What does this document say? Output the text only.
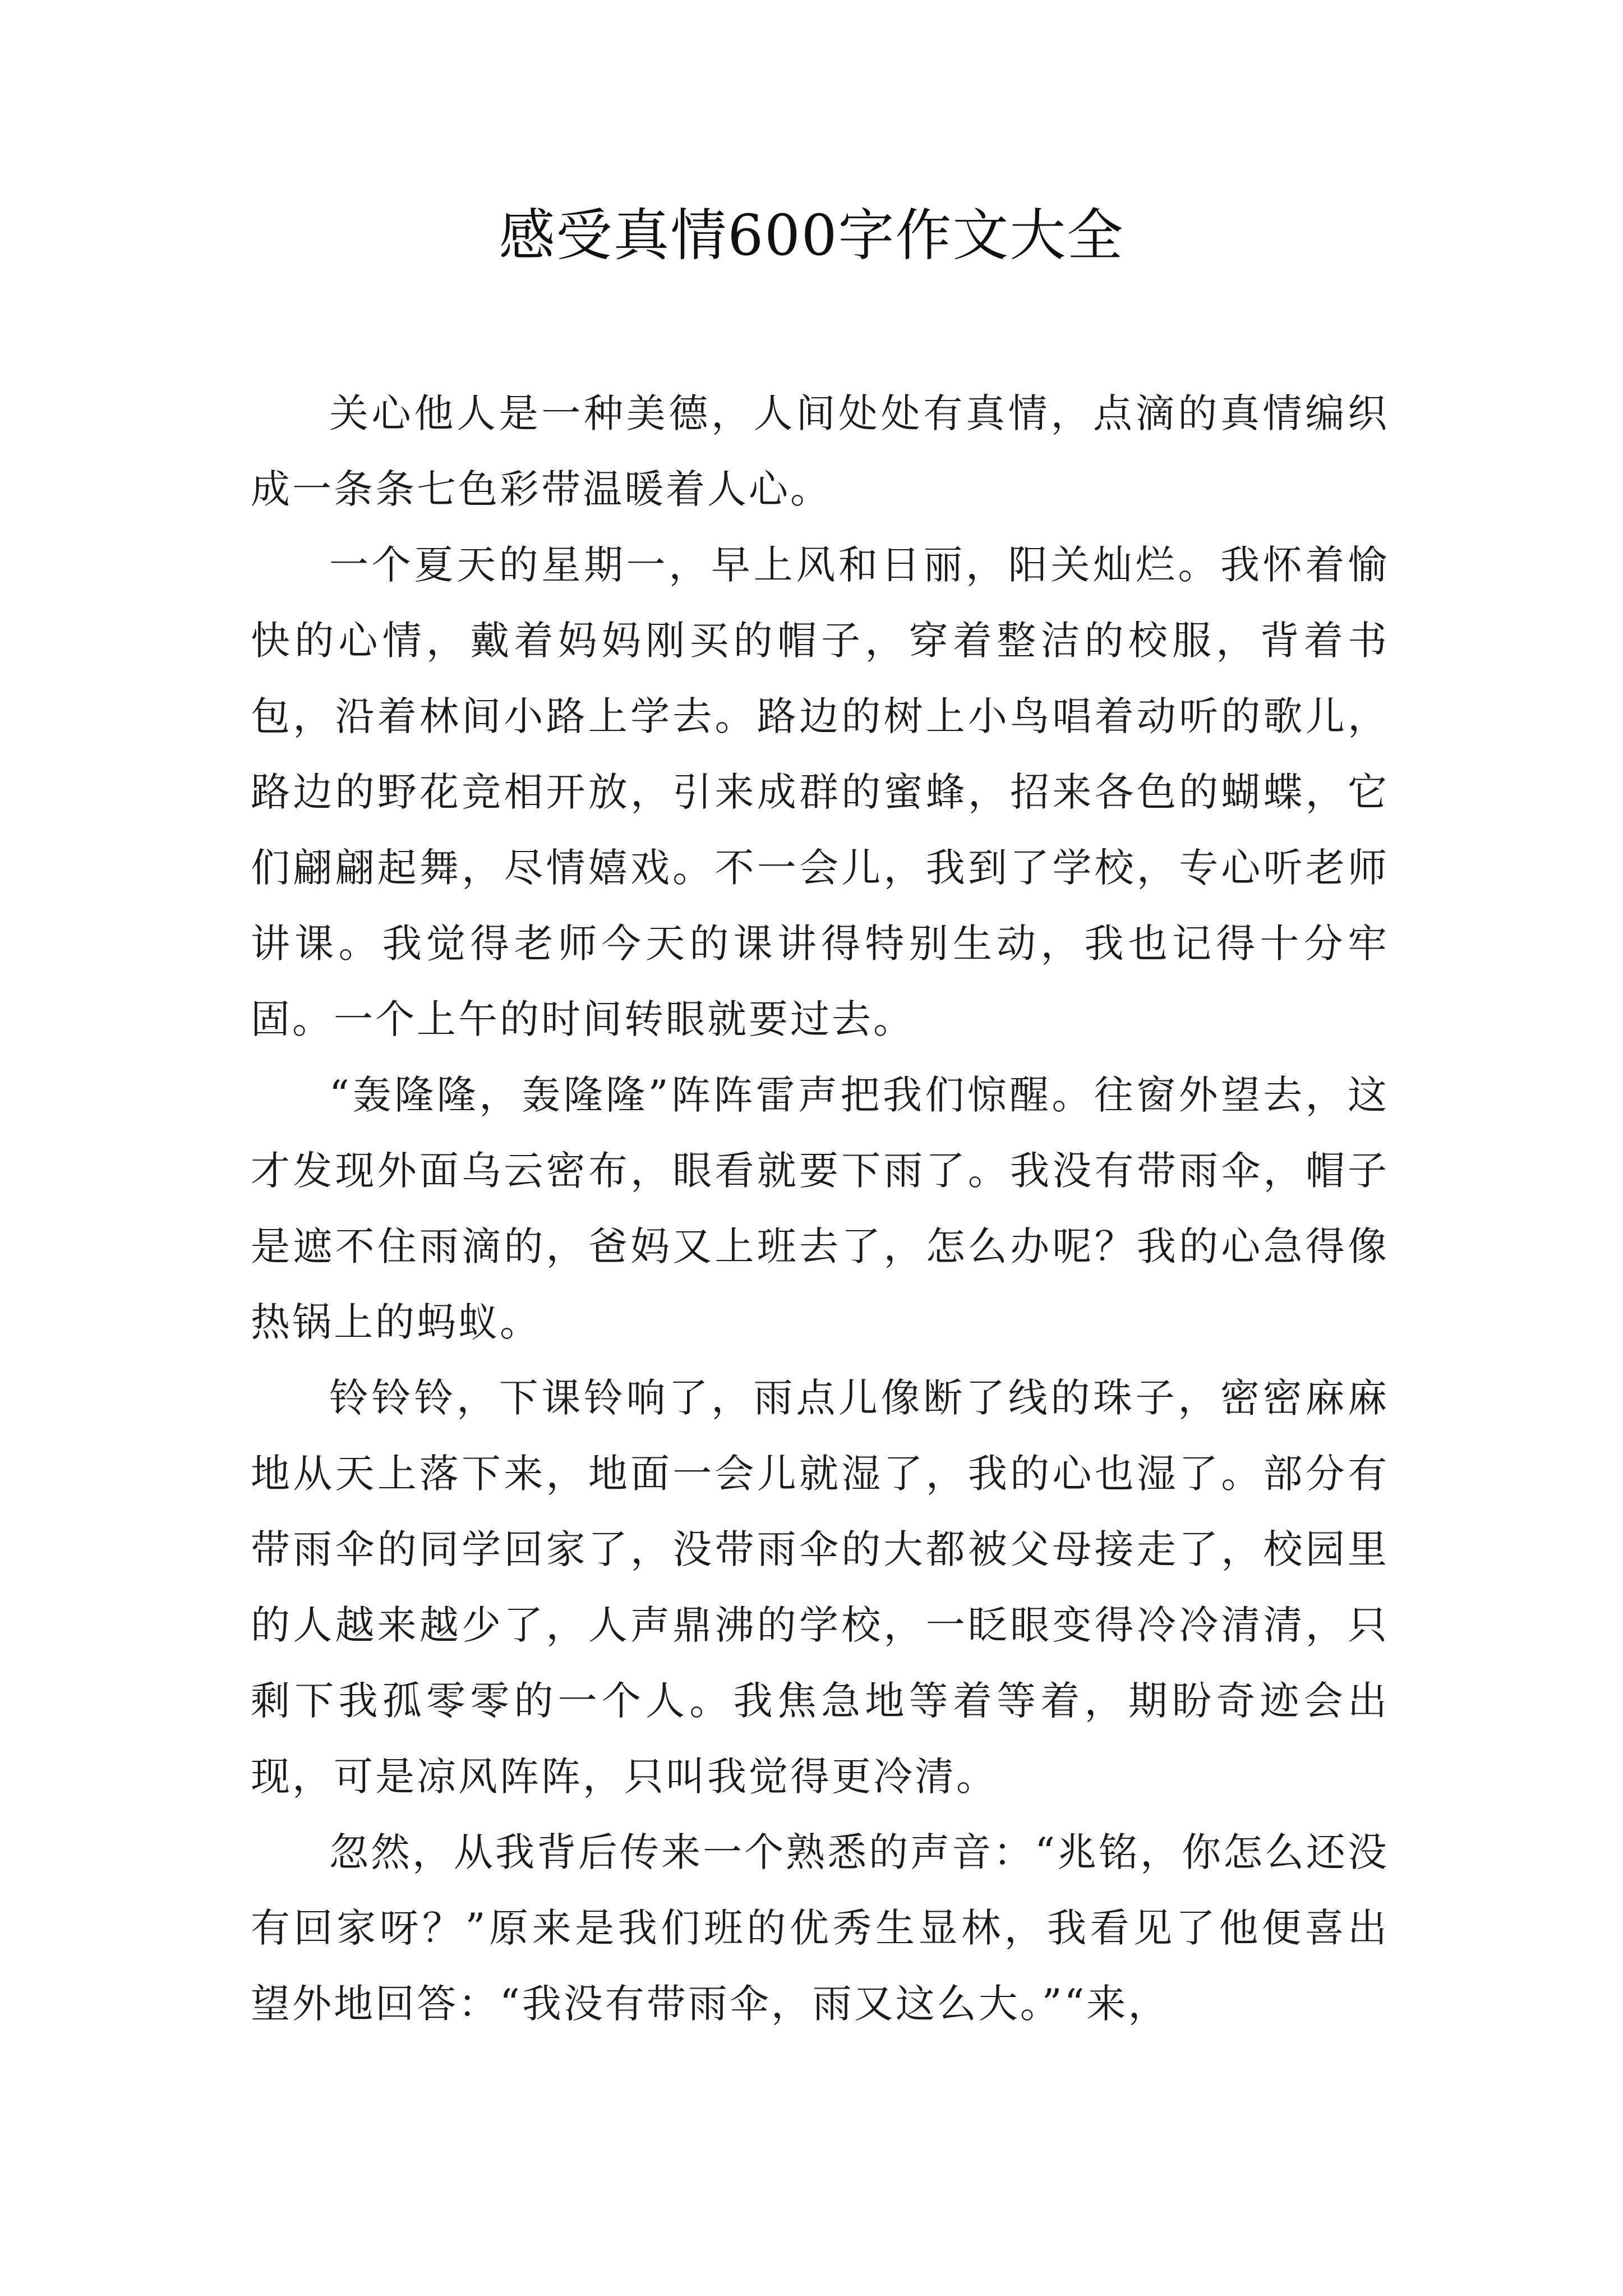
感受真情600字作文大全

关心他人是一种美德，人间处处有真情，点滴的真情编织成一条条七色彩带温暖着人心。

一个夏天的星期一，早上风和日丽，阳关灿烂。我怀着愉快的心情，戴着妈妈刚买的帽子，穿着整洁的校服，背着书包，沿着林间小路上学去。路边的树上小鸟唱着动听的歌儿，路边的野花竞相开放，引来成群的蜜蜂，招来各色的蝴蝶，它们翩翩起舞，尽情嬉戏。不一会儿，我到了学校，专心听老师讲课。我觉得老师今天的课讲得特别生动，我也记得十分牢固。一个上午的时间转眼就要过去。

“轰隆隆，轰隆隆”阵阵雷声把我们惊醒。往窗外望去，这才发现外面乌云密布，眼看就要下雨了。我没有带雨伞，帽子是遮不住雨滴的，爸妈又上班去了，怎么办呢？我的心急得像热锅上的蚂蚁。

铃铃铃，下课铃响了，雨点儿像断了线的珠子，密密麻麻地从天上落下来，地面一会儿就湿了，我的心也湿了。部分有带雨伞的同学回家了，没带雨伞的大都被父母接走了，校园里的人越来越少了，人声鼎沸的学校，一眨眼变得冷冷清清，只剩下我孤零零的一个人。我焦急地等着等着，期盼奇迹会出现，可是凉风阵阵，只叫我觉得更冷清。

忽然，从我背后传来一个熟悉的声音：“兆铭，你怎么还没有回家呀？”原来是我们班的优秀生显林，我看见了他便喜出望外地回答：“我没有带雨伞，雨又这么大。”“来，
